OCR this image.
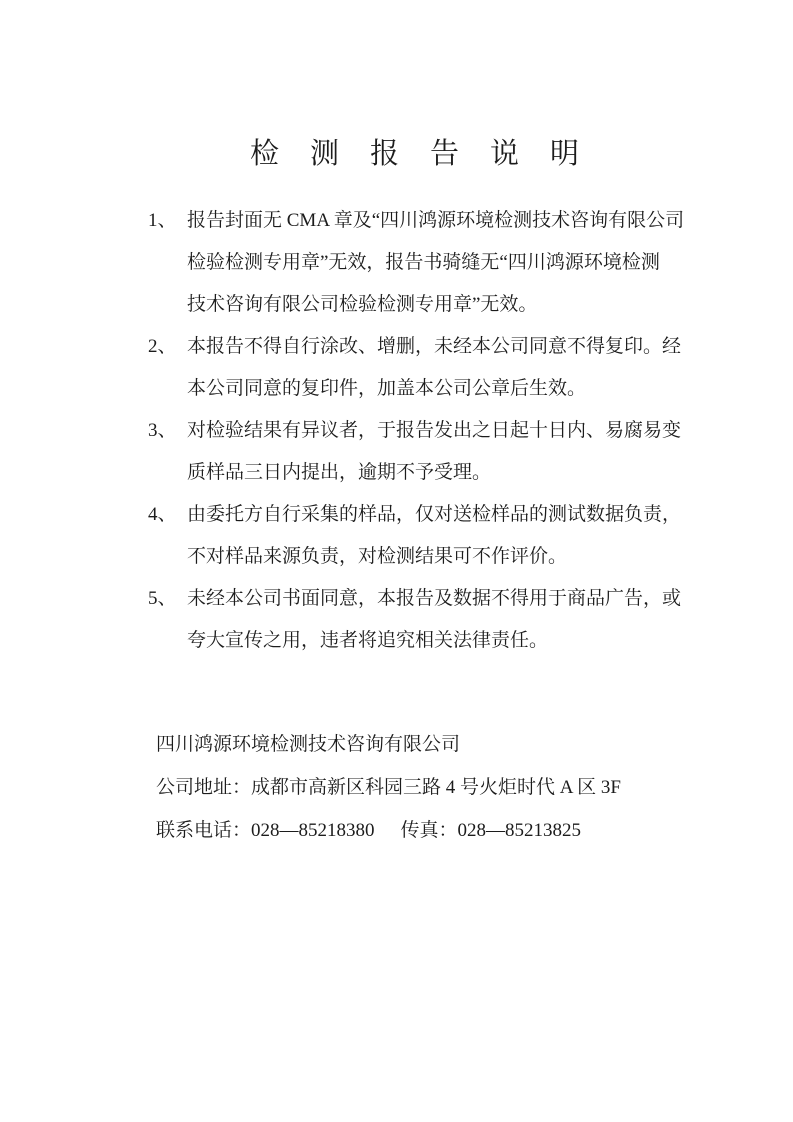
检　测　报　告　说　明
1、 报告封面无 CMA 章及“四川鸿源环境检测技术咨询有限公司
检验检测专用章”无效，报告书骑缝无“四川鸿源环境检测
技术咨询有限公司检验检测专用章”无效。
2、 本报告不得自行涂改、增删，未经本公司同意不得复印。经
本公司同意的复印件，加盖本公司公章后生效。
3、 对检验结果有异议者，于报告发出之日起十日内、易腐易变
质样品三日内提出，逾期不予受理。
4、 由委托方自行采集的样品，仅对送检样品的测试数据负责，
不对样品来源负责，对检测结果可不作评价。
5、 未经本公司书面同意，本报告及数据不得用于商品广告，或
夸大宣传之用，违者将追究相关法律责任。
四川鸿源环境检测技术咨询有限公司
公司地址：成都市高新区科园三路 4 号火炬时代 A 区 3F
联系电话：028—85218380 传真：028—85213825
